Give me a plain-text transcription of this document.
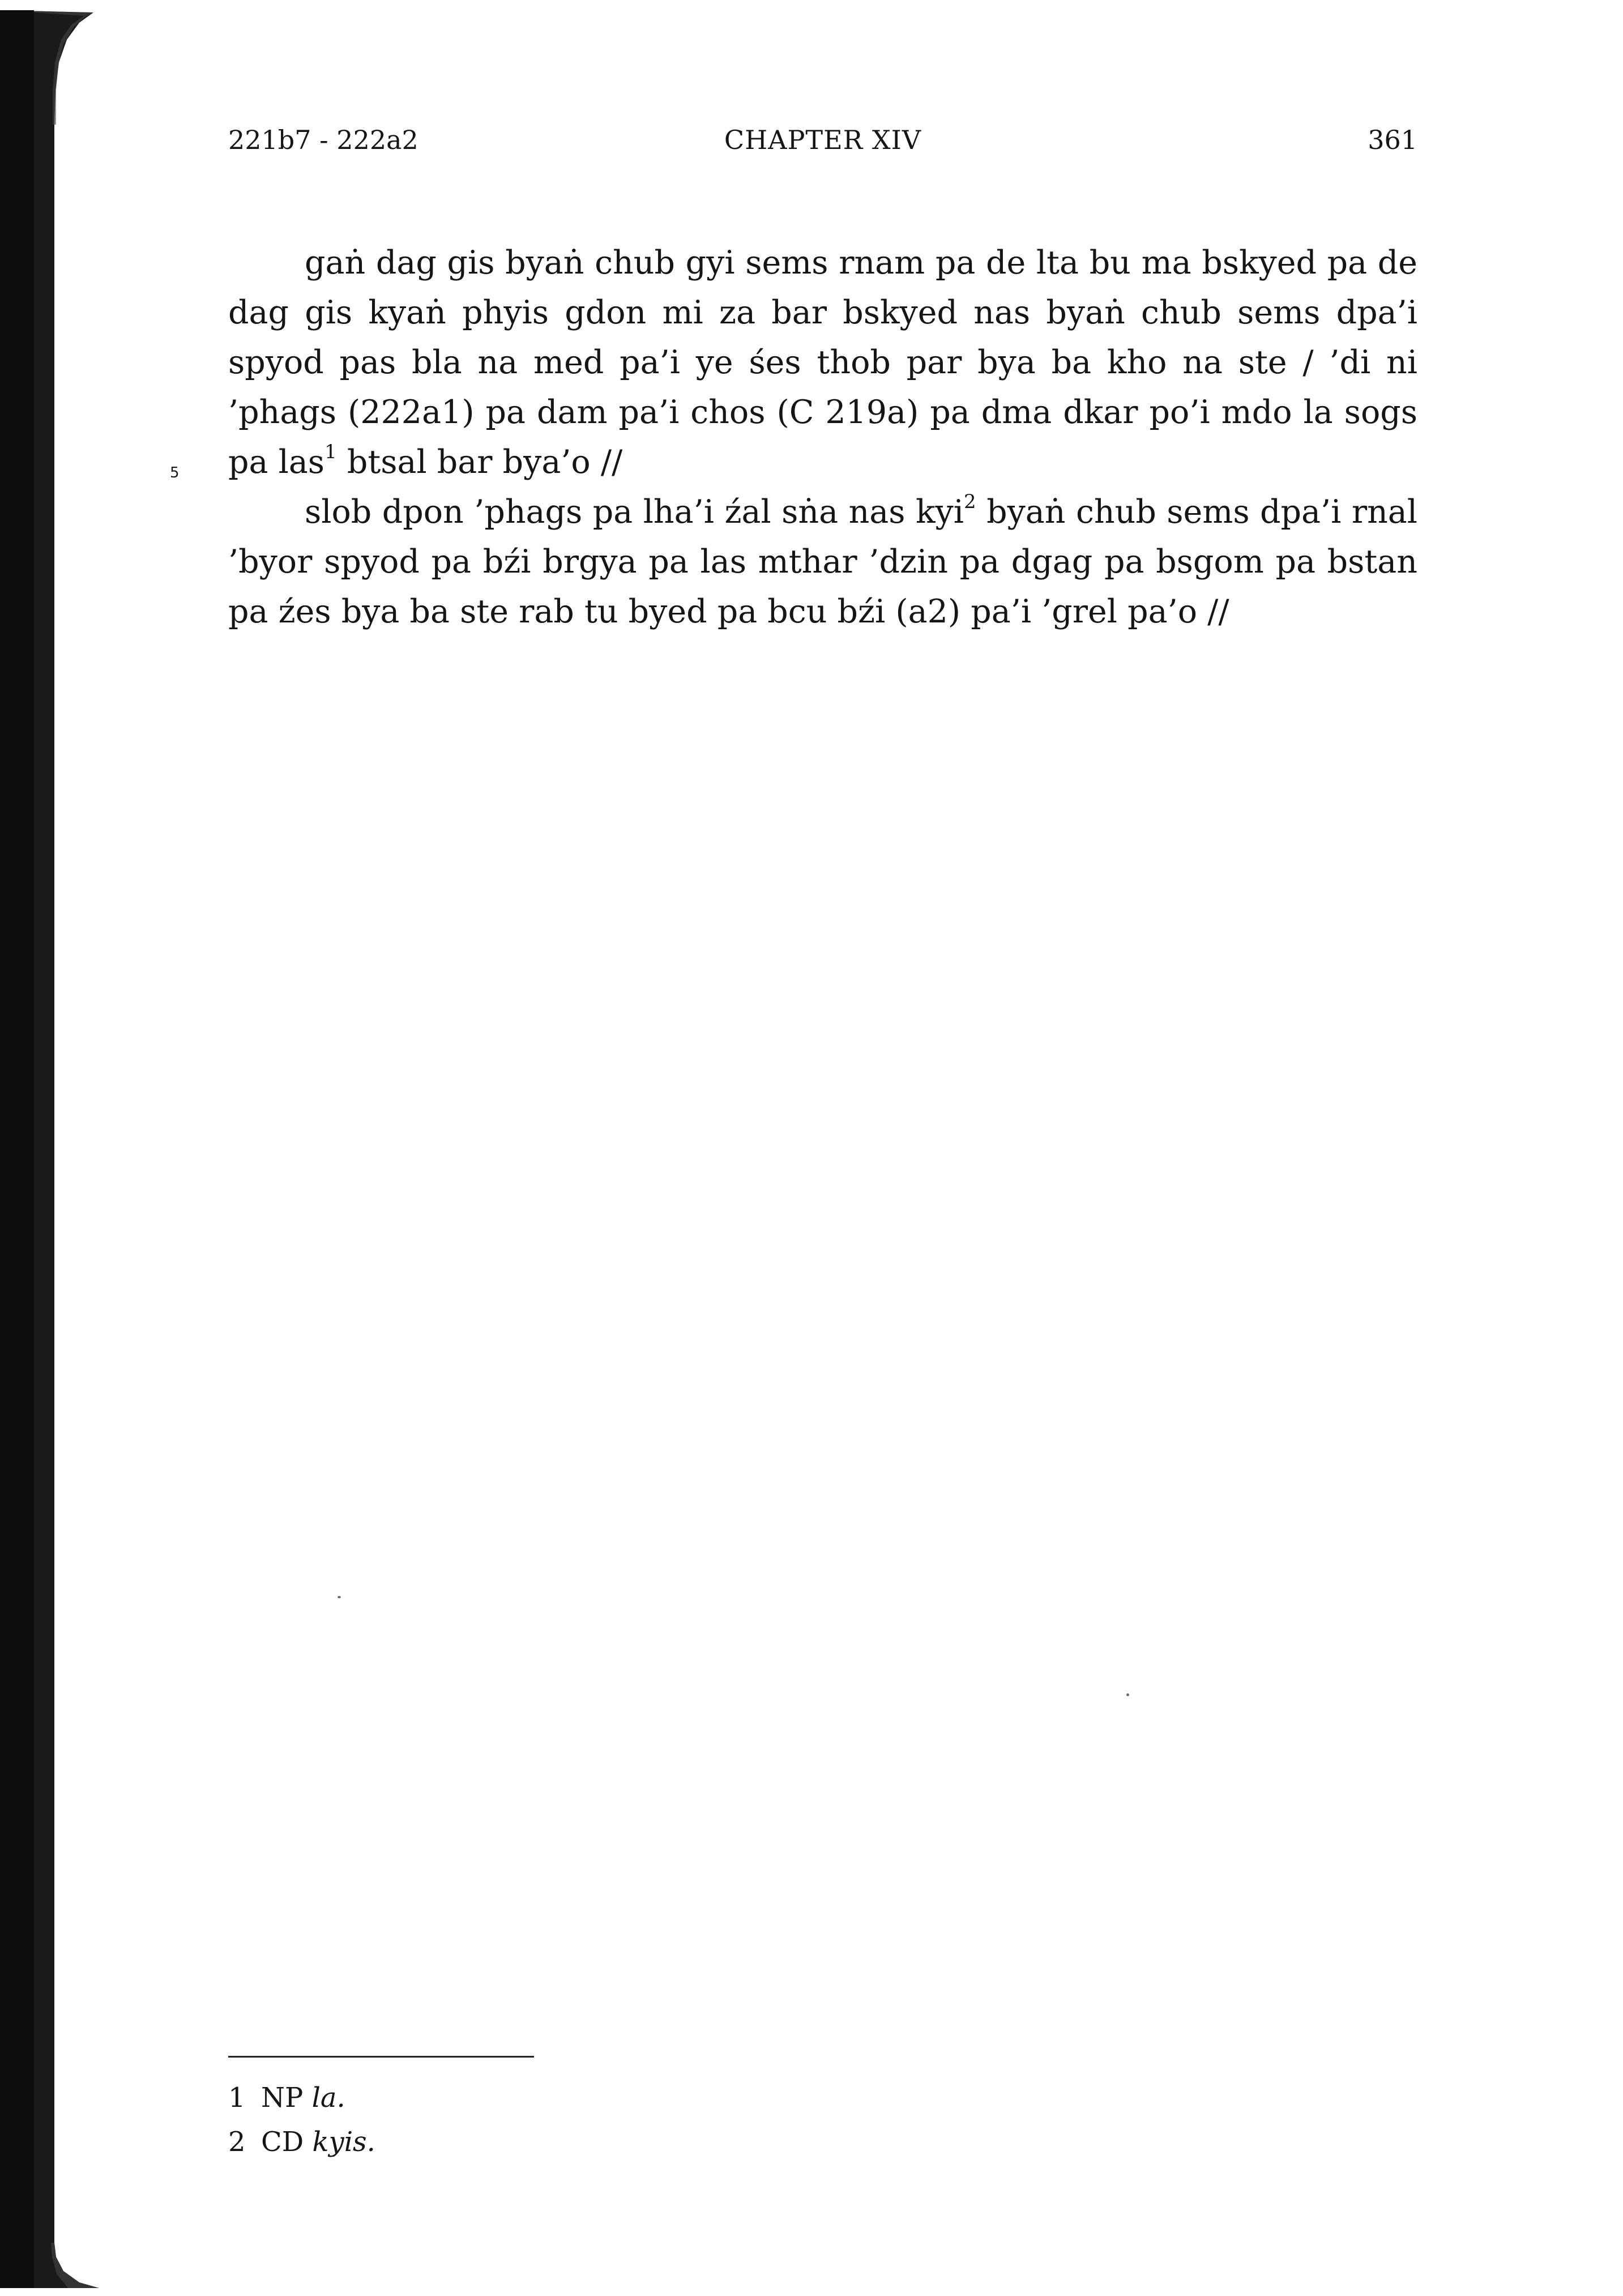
221b7 - 222a2	CHAPTER XIV	361
5

gaṅ dag gis byaṅ chub gyi sems rnam pa de lta bu ma bskyed pa de dag gis kyaṅ phyis gdon mi za bar bskyed nas byaṅ chub sems dpa’i spyod pas bla na med pa’i ye śes thob par bya ba kho na ste / ’di ni ’phags (222a1) pa dam pa’i chos (C 219a) pa dma dkar po’i mdo la sogs pa las$^1$ btsal bar bya’o //

slob dpon ’phags pa lha’i źal sṅa nas kyi$^2$ byaṅ chub sems dpa’i rnal ’byor spyod pa bźi brgya pa las mthar ’dzin pa dgag pa bsgom pa bstan pa źes bya ba ste rab tu byed pa bcu bźi (a2) pa’i ’grel pa’o //

1 NP la.
2 CD kyis.
